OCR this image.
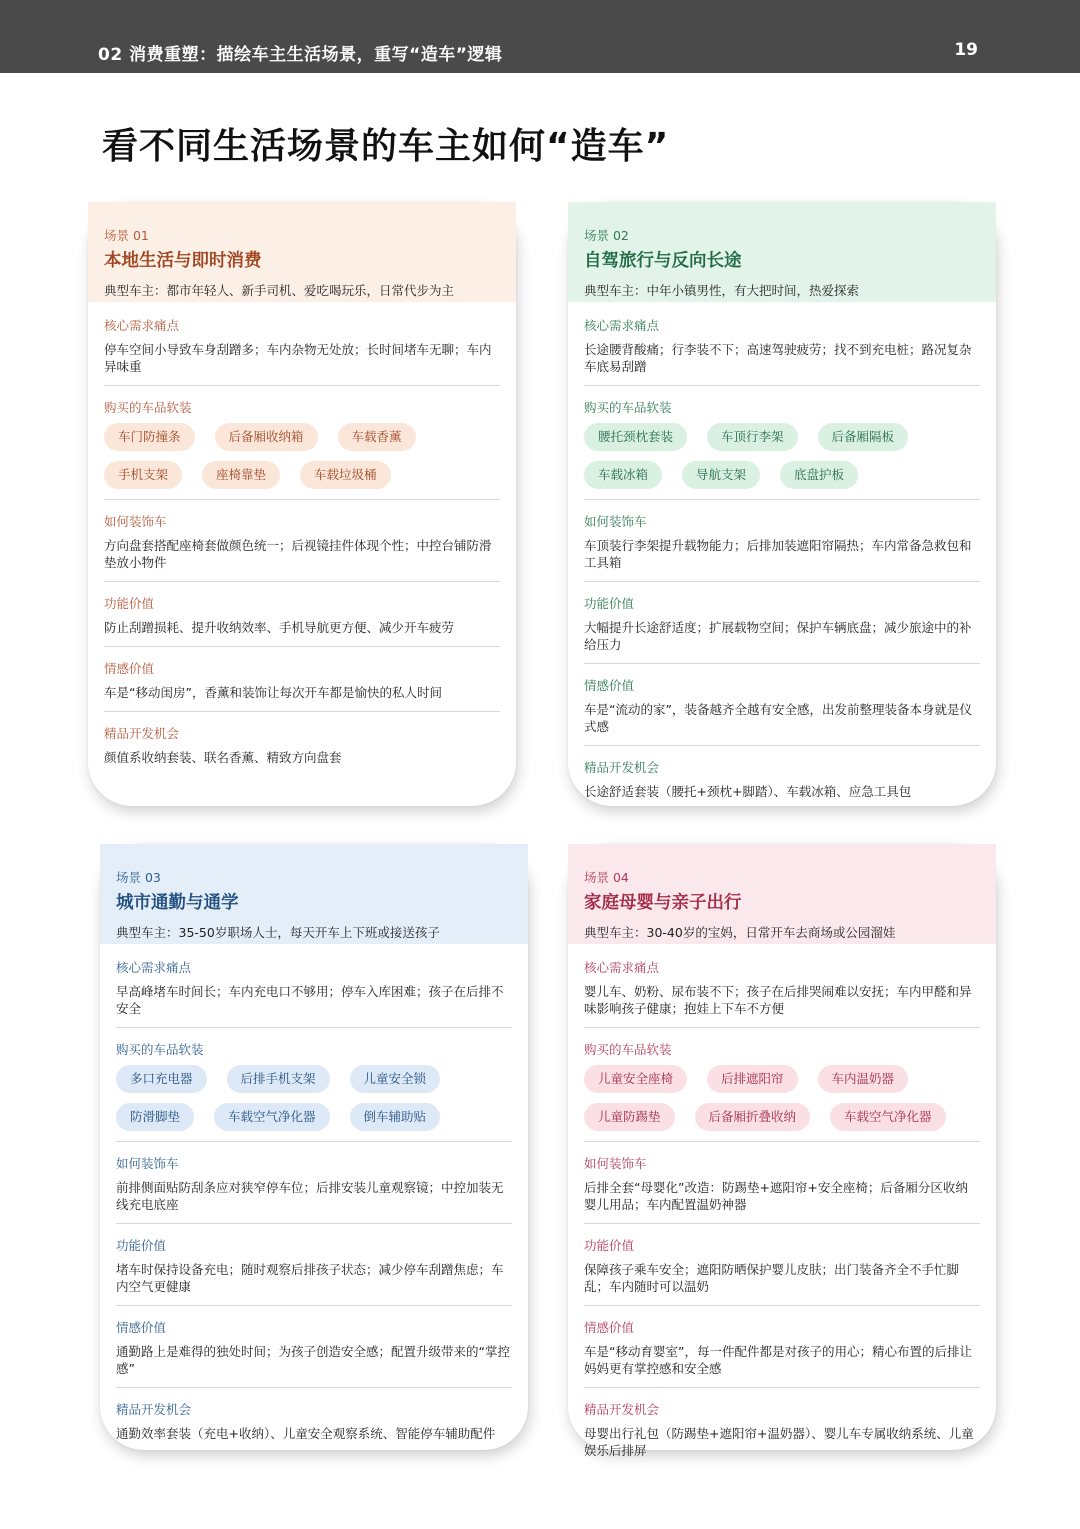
02 消费重塑：描绘车主生活场景，重写“造车”逻辑	19
看不同生活场景的车主如何“造车”
场景 01
本地生活与即时消费
典型车主：都市年轻人、新手司机、爱吃喝玩乐，日常代步为主
核心需求痛点
停车空间小导致车身刮蹭多；车内杂物无处放；长时间堵车无聊；车内异味重
购买的车品软装
车门防撞条	后备厢收纳箱	车载香薰
手机支架	座椅靠垫	车载垃圾桶
如何装饰车
方向盘套搭配座椅套做颜色统一；后视镜挂件体现个性；中控台铺防滑垫放小物件
功能价值
防止刮蹭损耗、提升收纳效率、手机导航更方便、减少开车疲劳
情感价值
车是“移动闺房”，香薰和装饰让每次开车都是愉快的私人时间
精品开发机会
颜值系收纳套装、联名香薰、精致方向盘套
场景 02
自驾旅行与反向长途
典型车主：中年小镇男性，有大把时间，热爱探索
核心需求痛点
长途腰背酸痛；行李装不下；高速驾驶疲劳；找不到充电桩；路况复杂车底易刮蹭
购买的车品软装
腰托颈枕套装	车顶行李架	后备厢隔板
车载冰箱	导航支架	底盘护板
如何装饰车
车顶装行李架提升载物能力；后排加装遮阳帘隔热；车内常备急救包和工具箱
功能价值
大幅提升长途舒适度；扩展载物空间；保护车辆底盘；减少旅途中的补给压力
情感价值
车是“流动的家”，装备越齐全越有安全感，出发前整理装备本身就是仪式感
精品开发机会
长途舒适套装（腰托+颈枕+脚踏）、车载冰箱、应急工具包
场景 03
城市通勤与通学
典型车主：35-50岁职场人士，每天开车上下班或接送孩子
核心需求痛点
早高峰堵车时间长；车内充电口不够用；停车入库困难；孩子在后排不安全
购买的车品软装
多口充电器	后排手机支架	儿童安全锁
防滑脚垫	车载空气净化器	倒车辅助贴
如何装饰车
前排侧面贴防刮条应对狭窄停车位；后排安装儿童观察镜；中控加装无线充电底座
功能价值
堵车时保持设备充电；随时观察后排孩子状态；减少停车刮蹭焦虑；车内空气更健康
情感价值
通勤路上是难得的独处时间；为孩子创造安全感；配置升级带来的“掌控感”
精品开发机会
通勤效率套装（充电+收纳）、儿童安全观察系统、智能停车辅助配件
场景 04
家庭母婴与亲子出行
典型车主：30-40岁的宝妈，日常开车去商场或公园溜娃
核心需求痛点
婴儿车、奶粉、尿布装不下；孩子在后排哭闹难以安抚；车内甲醛和异味影响孩子健康；抱娃上下车不方便
购买的车品软装
儿童安全座椅	后排遮阳帘	车内温奶器
儿童防踢垫	后备厢折叠收纳	车载空气净化器
如何装饰车
后排全套“母婴化”改造：防踢垫+遮阳帘+安全座椅；后备厢分区收纳婴儿用品；车内配置温奶神器
功能价值
保障孩子乘车安全；遮阳防晒保护婴儿皮肤；出门装备齐全不手忙脚乱；车内随时可以温奶
情感价值
车是“移动育婴室”，每一件配件都是对孩子的用心；精心布置的后排让妈妈更有掌控感和安全感
精品开发机会
母婴出行礼包（防踢垫+遮阳帘+温奶器）、婴儿车专属收纳系统、儿童娱乐后排屏
